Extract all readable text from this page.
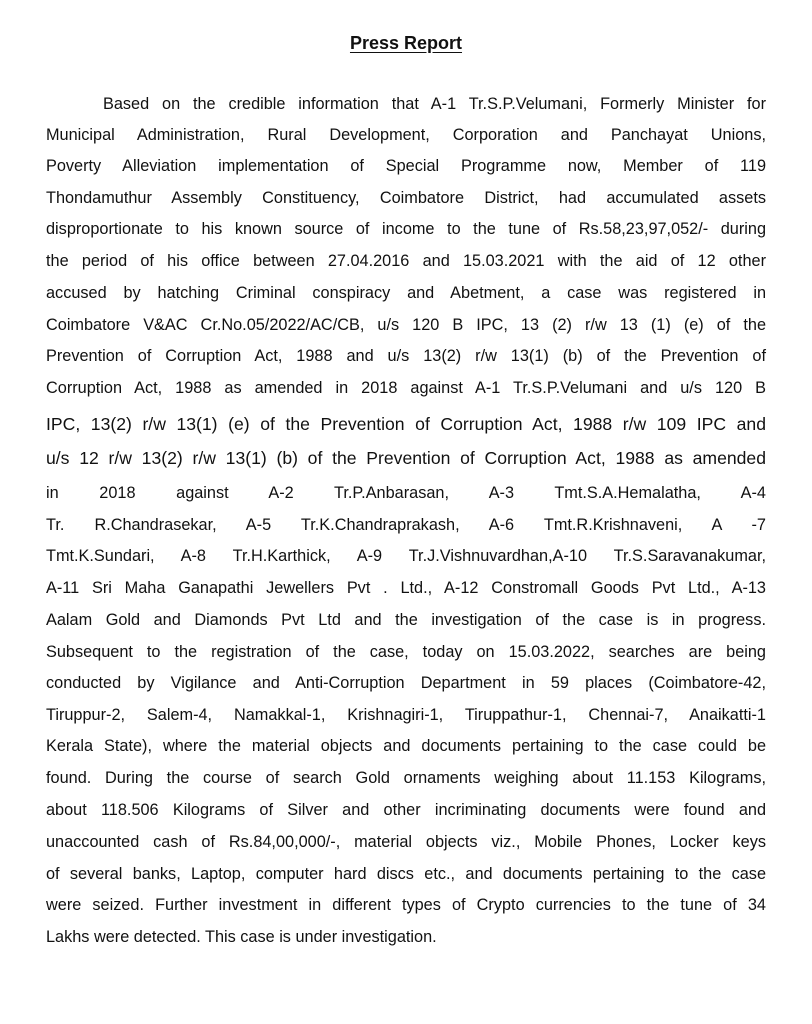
Press Report
Based on the credible information that A-1 Tr.S.P.Velumani, Formerly Minister for
Municipal Administration, Rural Development, Corporation and Panchayat Unions,
Poverty Alleviation implementation of Special Programme now, Member of 119
Thondamuthur Assembly Constituency, Coimbatore District, had accumulated assets
disproportionate to his known source of income to the tune of Rs.58,23,97,052/- during
the period of his office between 27.04.2016 and 15.03.2021 with the aid of 12 other
accused by hatching Criminal conspiracy and Abetment, a case was registered in
Coimbatore V&AC Cr.No.05/2022/AC/CB, u/s 120 B IPC, 13 (2) r/w 13 (1) (e) of the
Prevention of Corruption Act, 1988 and u/s 13(2) r/w 13(1) (b) of the Prevention of
Corruption Act, 1988 as amended in 2018 against A-1 Tr.S.P.Velumani and u/s 120 B
IPC, 13(2) r/w 13(1) (e) of the Prevention of Corruption Act, 1988 r/w 109 IPC and
u/s 12 r/w 13(2) r/w 13(1) (b) of the Prevention of Corruption Act, 1988 as amended
in 2018 against A-2 Tr.P.Anbarasan, A-3 Tmt.S.A.Hemalatha, A-4
Tr. R.Chandrasekar, A-5 Tr.K.Chandraprakash, A-6 Tmt.R.Krishnaveni, A -7
Tmt.K.Sundari, A-8 Tr.H.Karthick, A-9 Tr.J.Vishnuvardhan,A-10 Tr.S.Saravanakumar,
A-11 Sri Maha Ganapathi Jewellers Pvt . Ltd., A-12 Constromall Goods Pvt Ltd., A-13
Aalam Gold and Diamonds Pvt Ltd and the investigation of the case is in progress.
Subsequent to the registration of the case, today on 15.03.2022, searches are being
conducted by Vigilance and Anti-Corruption Department in 59 places (Coimbatore-42,
Tiruppur-2, Salem-4, Namakkal-1, Krishnagiri-1, Tiruppathur-1, Chennai-7, Anaikatti-1
Kerala State), where the material objects and documents pertaining to the case could be
found. During the course of search Gold ornaments weighing about 11.153 Kilograms,
about 118.506 Kilograms of Silver and other incriminating documents were found and
unaccounted cash of Rs.84,00,000/-, material objects viz., Mobile Phones, Locker keys
of several banks, Laptop, computer hard discs etc., and documents pertaining to the case
were seized. Further investment in different types of Crypto currencies to the tune of 34
Lakhs were detected. This case is under investigation.
